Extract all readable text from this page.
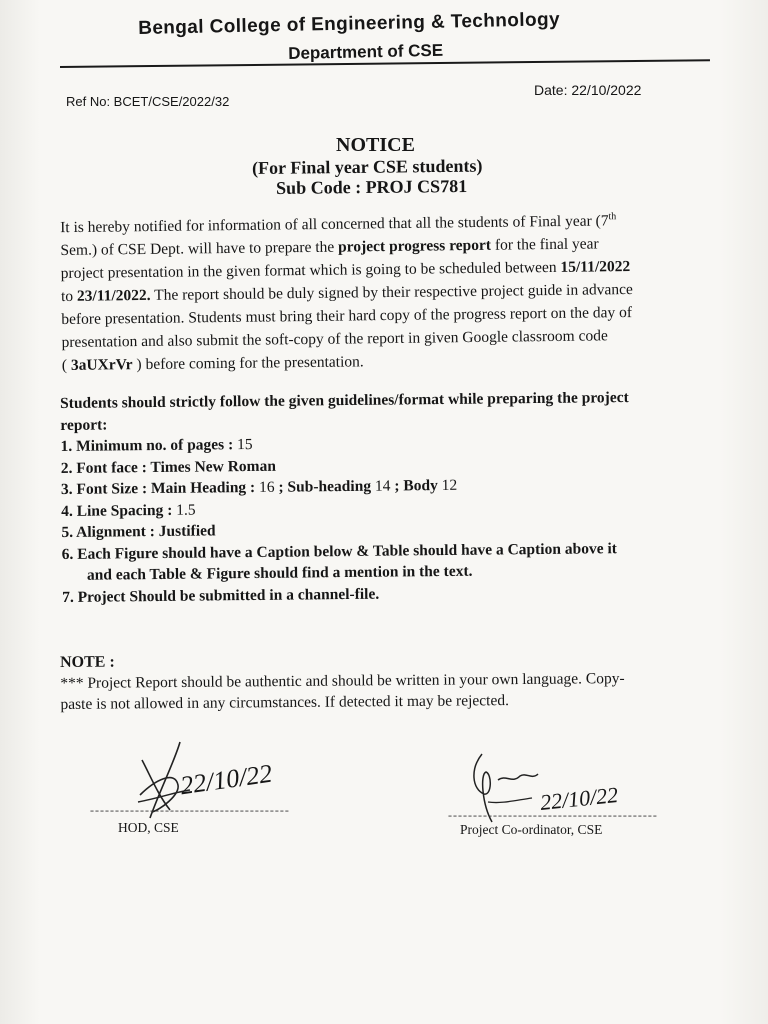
Bengal College of Engineering & Technology
Department of CSE
Ref No: BCET/CSE/2022/32
Date: 22/10/2022
NOTICE
(For Final year CSE students)
Sub Code : PROJ CS781
It is hereby notified for information of all concerned that all the students of Final year (7th
Sem.) of CSE Dept. will have to prepare the project progress report for the final year
project presentation in the given format which is going to be scheduled between 15/11/2022
to 23/11/2022. The report should be duly signed by their respective project guide in advance
before presentation. Students must bring their hard copy of the progress report on the day of
presentation and also submit the soft-copy of the report in given Google classroom code
( 3aUXrVr ) before coming for the presentation.
Students should strictly follow the given guidelines/format while preparing the project
report:
1. Minimum no. of pages : 15
2. Font face : Times New Roman
3. Font Size : Main Heading : 16 ; Sub-heading 14 ; Body 12
4. Line Spacing : 1.5
5. Alignment : Justified
6. Each Figure should have a Caption below & Table should have a Caption above it
and each Table & Figure should find a mention in the text.
7. Project Should be submitted in a channel-file.
NOTE :
*** Project Report should be authentic and should be written in your own language. Copy-
paste is not allowed in any circumstances. If detected it may be rejected.
22/10/22
----------------------------------------
HOD, CSE
22/10/22
------------------------------------------
Project Co-ordinator, CSE
